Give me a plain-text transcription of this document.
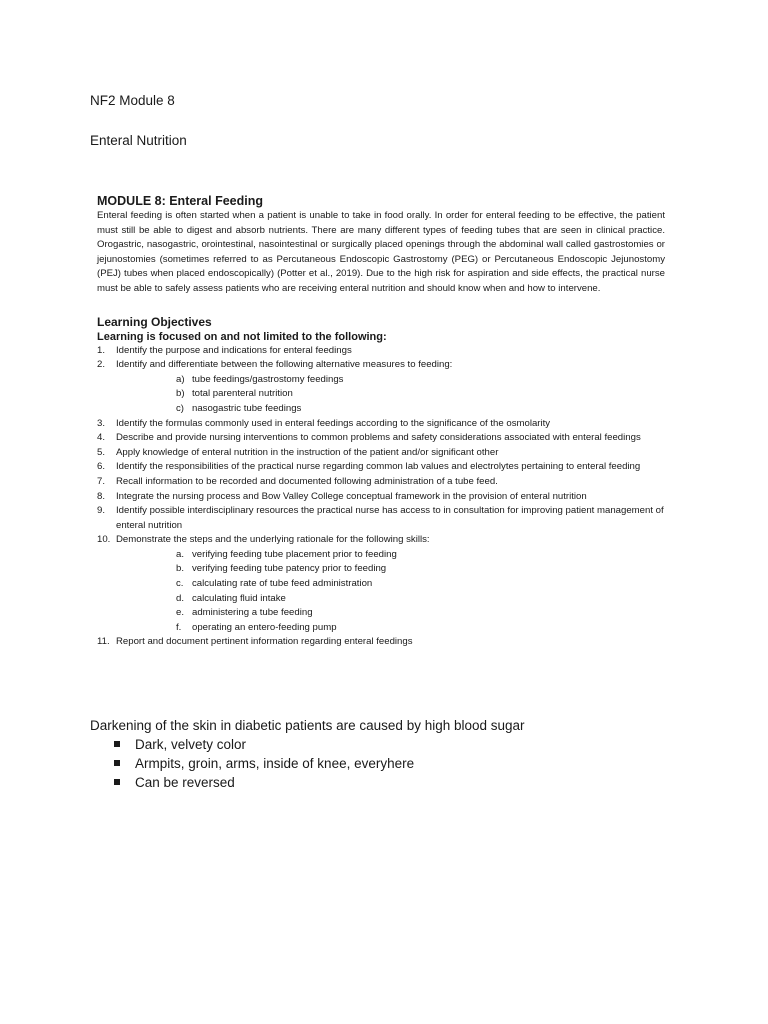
NF2 Module 8
Enteral Nutrition

MODULE 8: Enteral Feeding

Enteral feeding is often started when a patient is unable to take in food orally. In order for enteral feeding to be effective, the patient must still be able to digest and absorb nutrients. There are many different types of feeding tubes that are seen in clinical practice. Orogastric, nasogastric, orointestinal, nasointestinal or surgically placed openings through the abdominal wall called gastrostomies or jejunostomies (sometimes referred to as Percutaneous Endoscopic Gastrostomy (PEG) or Percutaneous Endoscopic Jejunostomy (PEJ) tubes when placed endoscopically) (Potter et al., 2019). Due to the high risk for aspiration and side effects, the practical nurse must be able to safely assess patients who are receiving enteral nutrition and should know when and how to intervene.

Learning Objectives

Learning is focused on and not limited to the following:

1. Identify the purpose and indications for enteral feedings
2. Identify and differentiate between the following alternative measures to feeding:
a) tube feedings/gastrostomy feedings
b) total parenteral nutrition
c) nasogastric tube feedings
3. Identify the formulas commonly used in enteral feedings according to the significance of the osmolarity
4. Describe and provide nursing interventions to common problems and safety considerations associated with enteral feedings
5. Apply knowledge of enteral nutrition in the instruction of the patient and/or significant other
6. Identify the responsibilities of the practical nurse regarding common lab values and electrolytes pertaining to enteral feeding
7. Recall information to be recorded and documented following administration of a tube feed.
8. Integrate the nursing process and Bow Valley College conceptual framework in the provision of enteral nutrition
9. Identify possible interdisciplinary resources the practical nurse has access to in consultation for improving patient management of enteral nutrition
10. Demonstrate the steps and the underlying rationale for the following skills:
a. verifying feeding tube placement prior to feeding
b. verifying feeding tube patency prior to feeding
c. calculating rate of tube feed administration
d. calculating fluid intake
e. administering a tube feeding
f. operating an entero-feeding pump
11. Report and document pertinent information regarding enteral feedings

Darkening of the skin in diabetic patients are caused by high blood sugar

Dark, velvety color
Armpits, groin, arms, inside of knee, everyhere
Can be reversed
